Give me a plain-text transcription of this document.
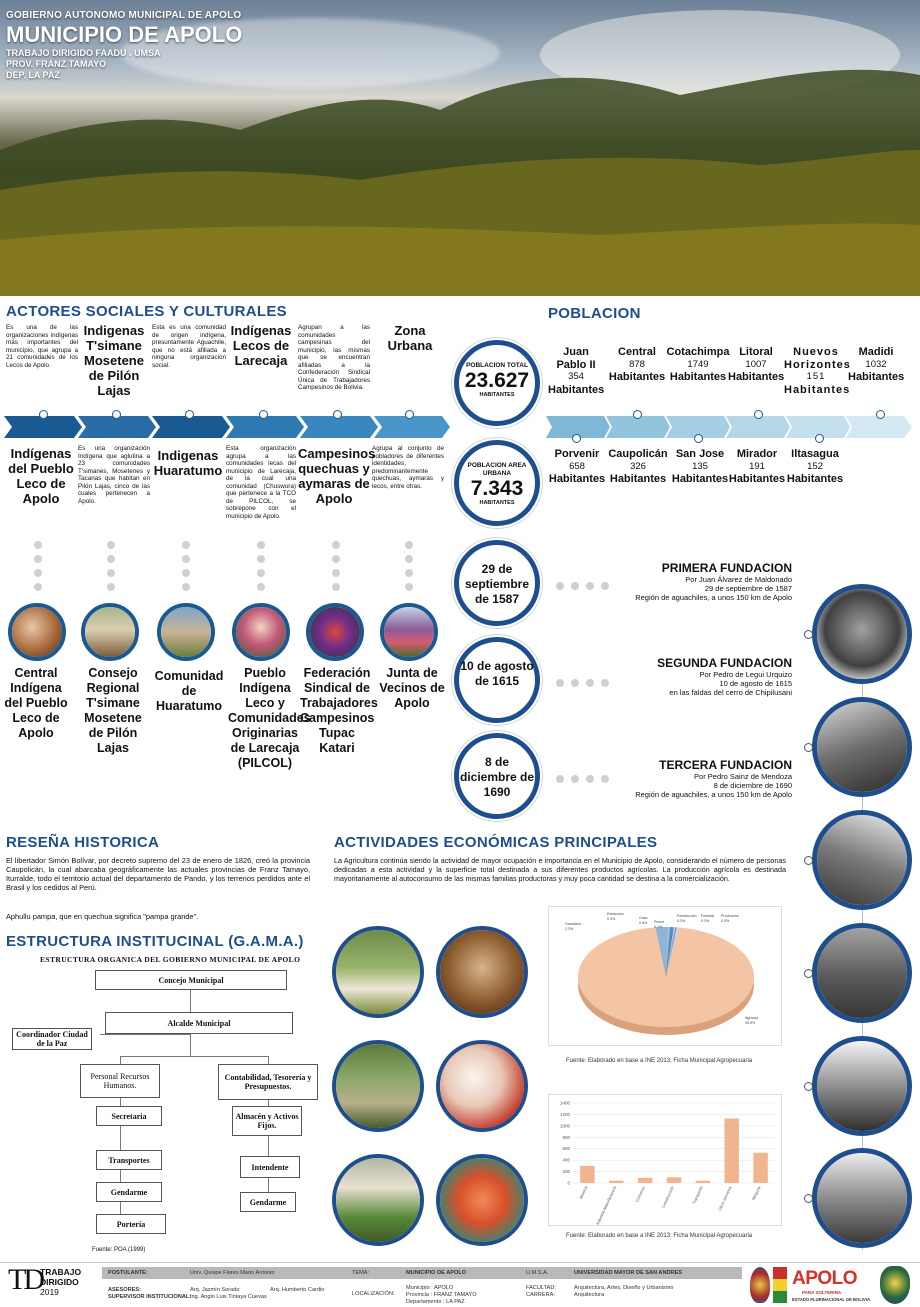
GOBIERNO AUTONOMO MUNICIPAL DE APOLO
MUNICIPIO DE APOLO
TRABAJO DIRIGIDO FAADU . UMSA
PROV. FRANZ TAMAYO
DEP. LA PAZ
ACTORES SOCIALES Y CULTURALES
Es una de las organizaciones indígenas más importantes del municipio, que agrupa a 21 comunidades de los Lecos de Apolo.
Indigenas T'simane Mosetene de Pilón Lajas
Esta es una comunidad de origen indígena, presuntamente Aguachile, que no está afiliada a ninguna organización social.
Indígenas Lecos de Larecaja
Agrupan a las comunidades campesinas del municipio, las mismas que se encuentran afiliadas a la Confederación Sindical Única de Trabajadores Campesinos de Bolivia.
Zona Urbana
Indígenas del Pueblo Leco de Apolo
Es una organización Indígena que aglutina a 23 comunidades T'simanes, Mosetenes y Tacanas que habitan en Pilón Lajas, cinco de las cuales pertenecen a Apolo.
Indigenas Huaratumo
Esta organización agrupa a las comunidades lecas del municipio de Larecaja, de la cual una comunidad (Chuswura) que pertenece a la TCO de PILCOL, se sobrepone con el municipio de Apolo.
Campesinos quechuas y aymaras de Apolo
Agrupa al conjunto de pobladores de diferentes identidades, predominantemente quechuas, aymaras y lecos, entre otras.
Central Indígena del Pueblo Leco de Apolo
Consejo Regional T'simane Mosetene de Pilón Lajas
Comunidad de Huaratumo
Pueblo Indígena Leco y Comunidades Originarias de Larecaja (PILCOL)
Federación Sindical de Trabajadores Campesinos Tupac Katari
Junta de Vecinos de Apolo
POBLACION
POBLACION TOTAL
23.627
HABITANTES
POBLACION AREA URBANA
7.343
HABITANTES
Juan Pablo II
354
Habitantes
Central
878
Habitantes
Cotachimpa
1749
Habitantes
Litoral
1007
Habitantes
Nuevos Horizontes
151
Habitantes
Madidi
1032
Habitantes
Porvenir
658
Habitantes
Caupolicán
326
Habitantes
San Jose
135
Habitantes
Mirador
191
Habitantes
Iltasagua
152
Habitantes
29 de septiembre de 1587
10 de agosto de 1615
8 de diciembre de 1690
PRIMERA FUNDACION
Por Juan Álvarez de Maldonado
29 de septiembre de 1587
Región de aguachiles, a unos 150 km de Apolo
SEGUNDA FUNDACION
Por Pedro de Legui Urquizo
10 de agosto de 1615
en las faldas del cerro de Chipilusani
TERCERA FUNDACION
Por Pedro Sainz de Mendoza
8 de diciembre de 1690
Región de aguachiles, a unos 150 km de Apolo
RESEÑA HISTORICA
El libertador Simón Bolívar, por decreto supremo del 23 de enero de 1826, creó la provincia Caupolicán, la cual abarcaba geográficamente las actuales provincias de Franz Tamayo, Iturralde, todo el territorio actual del departamento de Pando, y los terrenos perdidos ante el Brasil y los cedidos al Perú.
Aphullu pampa, que en quechua significa "pampa grande".
ESTRUCTURA INSTITUCINAL (G.A.M.A.)
ESTRUCTURA ORGANICA DEL GOBIERNO MUNICIPAL DE APOLO
Concejo Municipal
Alcalde Municipal
Coordinador Ciudad de la Paz
Personal Recursos Humanos.
Contabilidad, Tesorería y Presupuestos.
Secretaria	Almacén y Activos Fijos.
Transportes
Intendente
Gendarme
Gendarme
Portería
Fuente: POA (1999)
ACTIVIDADES ECONÓMICAS PRINCIPALES
La Agricultura continúa siendo la actividad de mayor ocupación e importancia en el Municipio de Apolo, considerando el número de personas dedicadas a esta actividad y la superficie total destinada a sus diferentes productos agrícolas. La producción agrícola es destinada mayoritariamente al autoconsumo de las mismas familias productoras y muy poca cantidad se destina a la comercialización.
Ganadero
2.3%
Extracción
0.3%	Caza
0.6% Pesca
0.1%
Recolección
0.3%
Forestal
0.3%
Producción
0.3%
Agrícola
95.9%
Fuente: Elaborado en base a INE 2013; Ficha Municipal Agropecuaria
0
200
400
600
800
1000
1200
1400
Minería Industria Manufacturera	Comercio	Construcción	Transporte	Otros servicios	Ninguna
Fuente: Elaborado en base a INE 2013; Ficha Municipal Agropecuaria
TD
TRABAJO
DIRIGIDO
2019
POSTULANTE:	Univ. Quispe Flores Mario Antonio	TEMA:	MUNICIPIO DE APOLO	U.M.S.A.	UNIVERSIDAD MAYOR DE SAN ANDRES
ASESORES:
SUPERVISOR INSTITUCIONAL:
Arq. Jazmín Sorado	Arq. Humberto Cardio
Ing. Anglo Luis Tintaya Cuevas	LOCALIZACIÓN:
Municipio : APOLO
Provincia : FRANZ TAMAYO
Departamento : LA PAZ
FACULTAD:
CARRERA:
Arquitectura, Artes, Diseño y Urbanismo
Arquitectura
APOLO
PARA SOLTERINA
ESTADO PLURINACIONAL DE BOLIVIA
